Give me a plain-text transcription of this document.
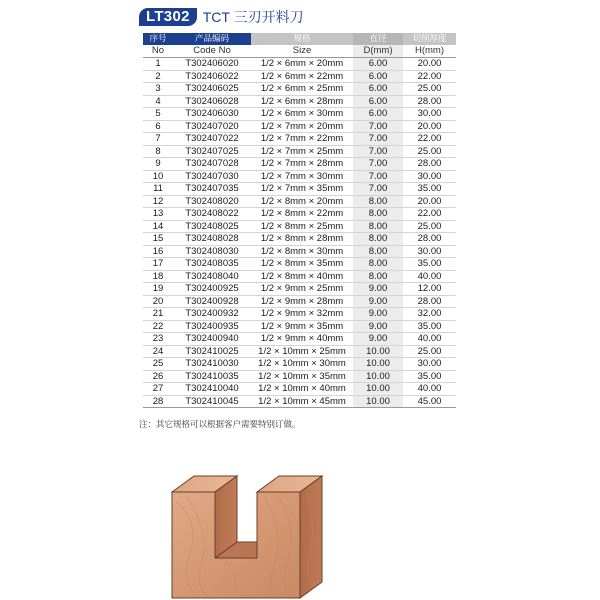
LT302 TCT 三刃开料刀
序号	产品编码	规格	直径	切削厚度
No	Code No	Size	D(mm)	H(mm)
1	T302406020	1/2 × 6mm × 20mm	6.00	20.00
2	T302406022	1/2 × 6mm × 22mm	6.00	22.00
3	T302406025	1/2 × 6mm × 25mm	6.00	25.00
4	T302406028	1/2 × 6mm × 28mm	6.00	28.00
5	T302406030	1/2 × 6mm × 30mm	6.00	30.00
6	T302407020	1/2 × 7mm × 20mm	7.00	20.00
7	T302407022	1/2 × 7mm × 22mm	7.00	22.00
8	T302407025	1/2 × 7mm × 25mm	7.00	25.00
9	T302407028	1/2 × 7mm × 28mm	7.00	28.00
10	T302407030	1/2 × 7mm × 30mm	7.00	30.00
11	T302407035	1/2 × 7mm × 35mm	7.00	35.00
12	T302408020	1/2 × 8mm × 20mm	8.00	20.00
13	T302408022	1/2 × 8mm × 22mm	8.00	22.00
14	T302408025	1/2 × 8mm × 25mm	8.00	25.00
15	T302408028	1/2 × 8mm × 28mm	8.00	28.00
16	T302408030	1/2 × 8mm × 30mm	8.00	30.00
17	T302408035	1/2 × 8mm × 35mm	8.00	35.00
18	T302408040	1/2 × 8mm × 40mm	8.00	40.00
19	T302400925	1/2 × 9mm × 25mm	9.00	12.00
20	T302400928	1/2 × 9mm × 28mm	9.00	28.00
21	T302400932	1/2 × 9mm × 32mm	9.00	32.00
22	T302400935	1/2 × 9mm × 35mm	9.00	35.00
23	T302400940	1/2 × 9mm × 40mm	9.00	40.00
24	T302410025	1/2 × 10mm × 25mm	10.00	25.00
25	T302410030	1/2 × 10mm × 30mm	10.00	30.00
26	T302410035	1/2 × 10mm × 35mm	10.00	35.00
27	T302410040	1/2 × 10mm × 40mm	10.00	40.00
28	T302410045	1/2 × 10mm × 45mm	10.00	45.00
注：其它规格可以根据客户需要特别订做。
